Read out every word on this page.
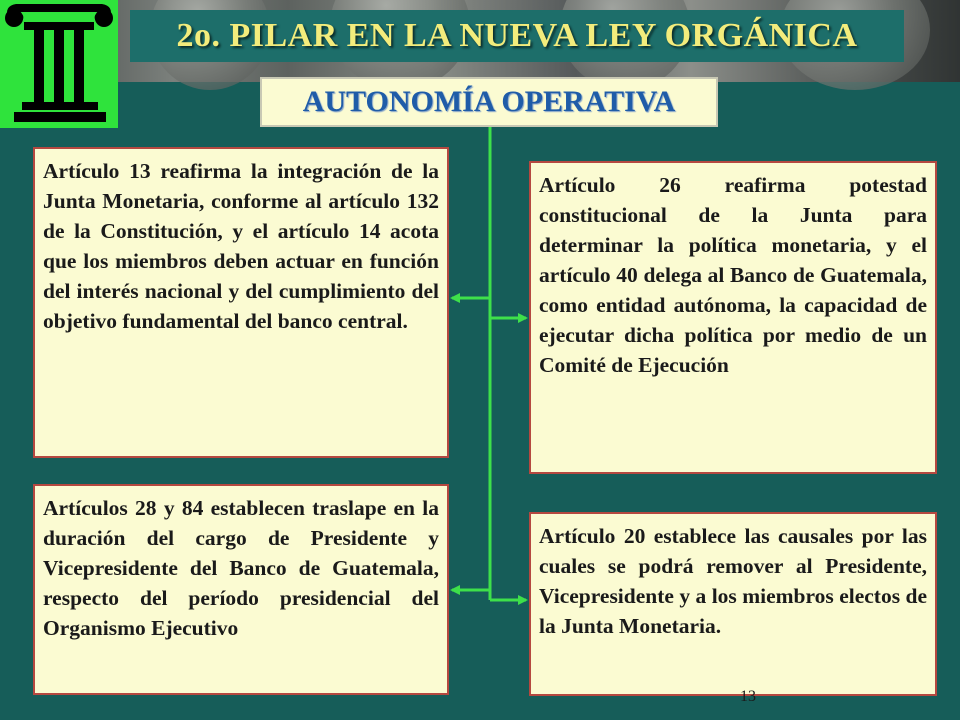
2o. PILAR EN LA NUEVA LEY ORGÁNICA
AUTONOMÍA OPERATIVA
Artículo 13 reafirma la integración de la Junta Monetaria, conforme al artículo 132 de la Constitución, y el artículo 14 acota que los miembros deben actuar en función del interés nacional y del cumplimiento del objetivo fundamental del banco central.
Artículo 26 reafirma potestad constitucional de la Junta para determinar la política monetaria, y el artículo 40 delega al Banco de Guatemala, como entidad autónoma, la capacidad de ejecutar dicha política por medio de un Comité de Ejecución
Artículos 28 y 84 establecen traslape en la duración del cargo de Presidente y Vicepresidente del Banco de Guatemala, respecto del período presidencial del Organismo Ejecutivo
Artículo 20 establece las causales por las cuales se podrá remover al Presidente, Vicepresidente y a los miembros electos de la Junta Monetaria.
13
